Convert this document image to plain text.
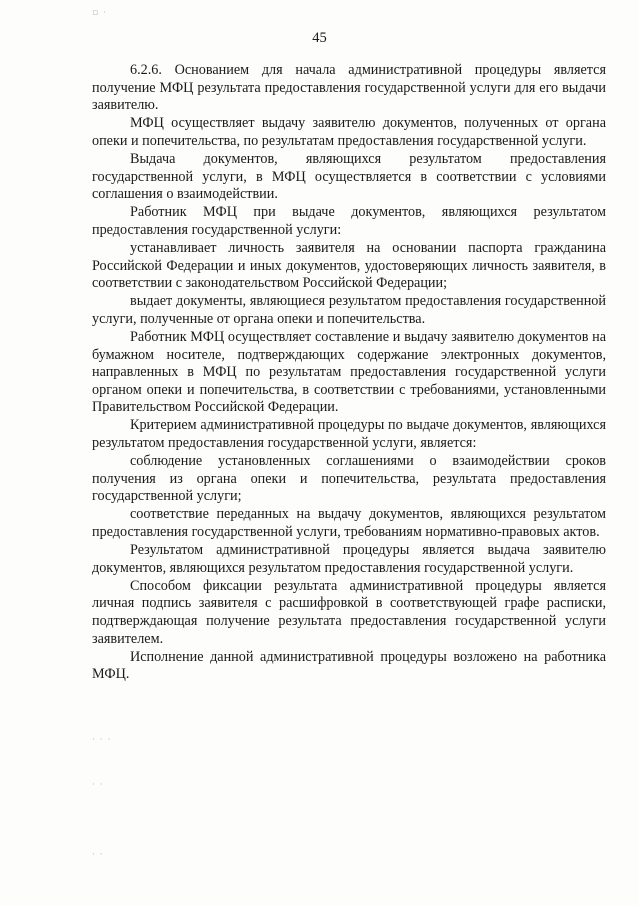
▫ ·
· · ·
· ·
· ·
45

6.2.6. Основанием для начала административной процедуры является получение МФЦ результата предоставления государственной услуги для его выдачи заявителю.

МФЦ осуществляет выдачу заявителю документов, полученных от органа опеки и попечительства, по результатам предоставления государственной услуги.

Выдача документов, являющихся результатом предоставления государственной услуги, в МФЦ осуществляется в соответствии с условиями соглашения о взаимодействии.

Работник МФЦ при выдаче документов, являющихся результатом предоставления государственной услуги:

устанавливает личность заявителя на основании паспорта гражданина Российской Федерации и иных документов, удостоверяющих личность заявителя, в соответствии с законодательством Российской Федерации;

выдает документы, являющиеся результатом предоставления государственной услуги, полученные от органа опеки и попечительства.

Работник МФЦ осуществляет составление и выдачу заявителю документов на бумажном носителе, подтверждающих содержание электронных документов, направленных в МФЦ по результатам предоставления государственной услуги органом опеки и попечительства, в соответствии с требованиями, установленными Правительством Российской Федерации.

Критерием административной процедуры по выдаче документов, являющихся результатом предоставления государственной услуги, является:

соблюдение установленных соглашениями о взаимодействии сроков получения из органа опеки и попечительства, результата предоставления государственной услуги;

соответствие переданных на выдачу документов, являющихся результатом предоставления государственной услуги, требованиям нормативно-правовых актов.

Результатом административной процедуры является выдача заявителю документов, являющихся результатом предоставления государственной услуги.

Способом фиксации результата административной процедуры является личная подпись заявителя с расшифровкой в соответствующей графе расписки, подтверждающая получение результата предоставления государственной услуги заявителем.

Исполнение данной административной процедуры возложено на работника МФЦ.
